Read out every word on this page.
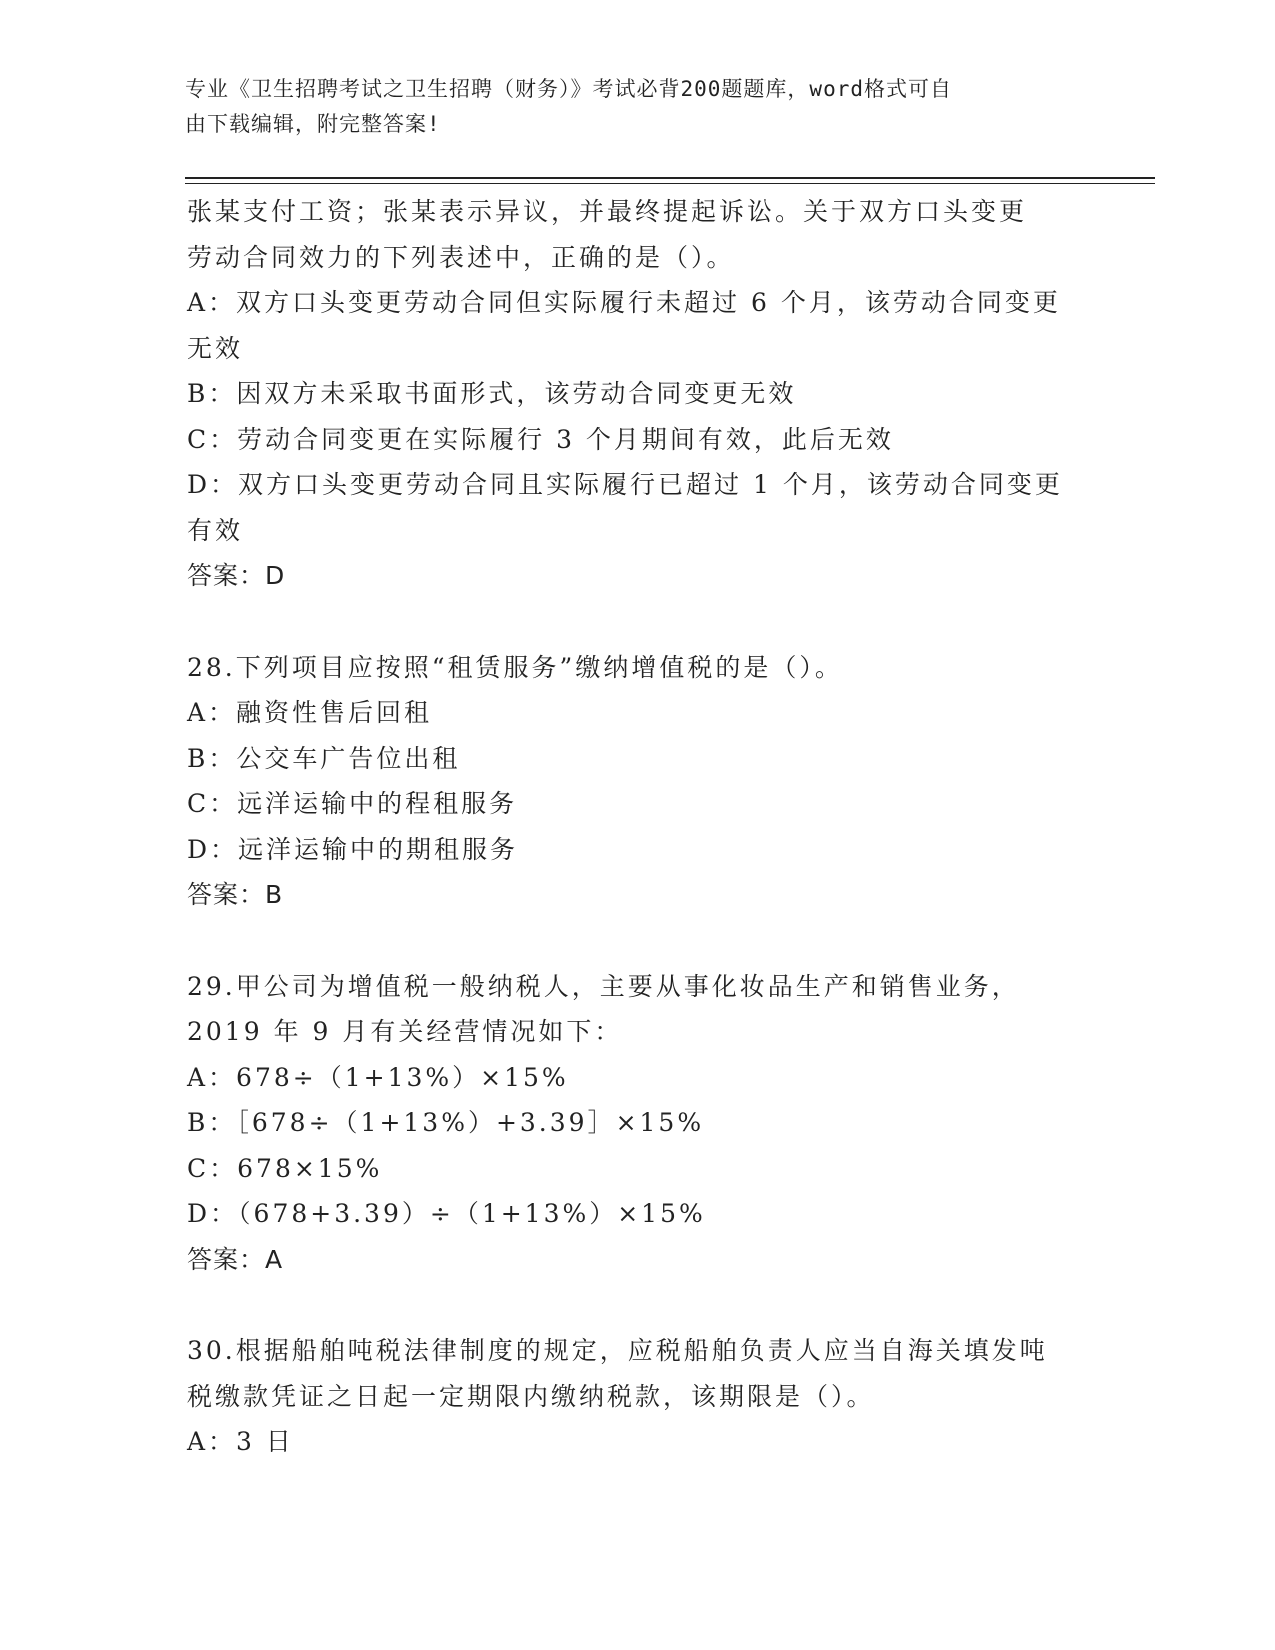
专业《卫生招聘考试之卫生招聘（财务）》考试必背200题题库，word格式可自
由下载编辑，附完整答案!

张某支付工资；张某表示异议，并最终提起诉讼。关于双方口头变更

劳动合同效力的下列表述中，正确的是（）。

A：双方口头变更劳动合同但实际履行未超过 6 个月，该劳动合同变更

无效

B：因双方未采取书面形式，该劳动合同变更无效

C：劳动合同变更在实际履行 3 个月期间有效，此后无效

D：双方口头变更劳动合同且实际履行已超过 1 个月，该劳动合同变更

有效

答案：D

28.下列项目应按照“租赁服务”缴纳增值税的是（）。

A：融资性售后回租

B：公交车广告位出租

C：远洋运输中的程租服务

D：远洋运输中的期租服务

答案：B

29.甲公司为增值税一般纳税人，主要从事化妆品生产和销售业务，

2019 年 9 月有关经营情况如下：

A：678÷（1+13%）×15%

B：［678÷（1+13%）+3.39］×15%

C：678×15%

D：（678+3.39）÷（1+13%）×15%

答案：A

30.根据船舶吨税法律制度的规定，应税船舶负责人应当自海关填发吨

税缴款凭证之日起一定期限内缴纳税款，该期限是（）。

A：3 日
